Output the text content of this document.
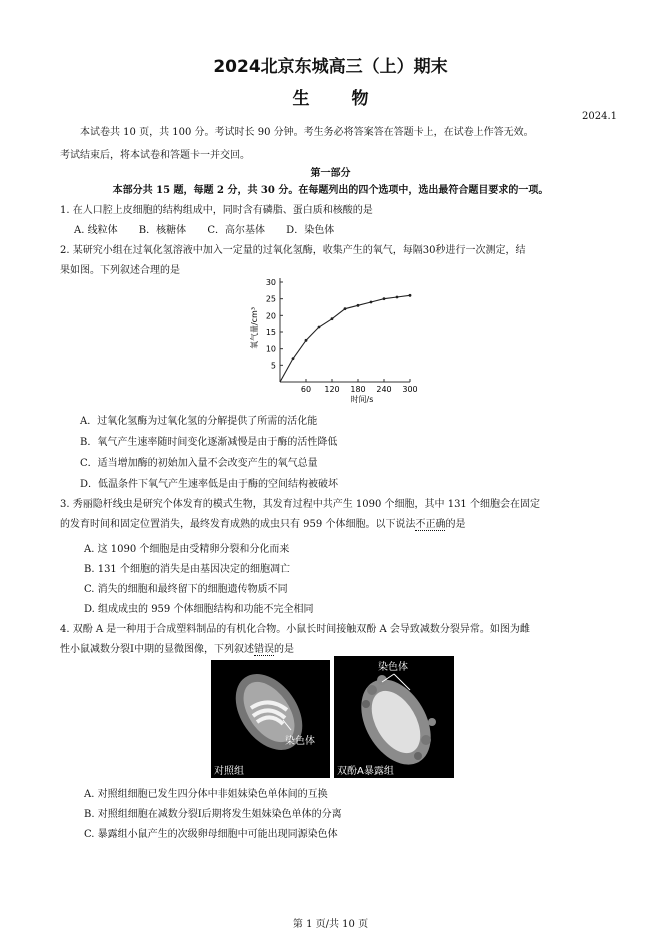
2024北京东城高三（上）期末
生 物
2024.1
本试卷共 10 页，共 100 分。考试时长 90 分钟。考生务必将答案答在答题卡上，在试卷上作答无效。
考试结束后，将本试卷和答题卡一并交回。
第一部分
本部分共 15 题，每题 2 分，共 30 分。在每题列出的四个选项中，选出最符合题目要求的一项。
1. 在人口腔上皮细胞的结构组成中，同时含有磷脂、蛋白质和核酸的是
A. 线粒体 B．核糖体 C．高尔基体 D．染色体
2. 某研究小组在过氧化氢溶液中加入一定量的过氧化氢酶，收集产生的氧气，每隔30秒进行一次测定，结
果如图。下列叙述合理的是
60 120 180 240 300
5
10
15
20
25
30
氧气量/cm³
时间/s
A．过氧化氢酶为过氧化氢的分解提供了所需的活化能
B．氧气产生速率随时间变化逐渐减慢是由于酶的活性降低
C．适当增加酶的初始加入量不会改变产生的氧气总量
D．低温条件下氧气产生速率低是由于酶的空间结构被破坏
3. 秀丽隐杆线虫是研究个体发育的模式生物，其发育过程中共产生 1090 个细胞，其中 131 个细胞会在固定
的发育时间和固定位置消失，最终发育成熟的成虫只有 959 个体细胞。以下说法不正确的是
A. 这 1090 个细胞是由受精卵分裂和分化而来
B. 131 个细胞的消失是由基因决定的细胞凋亡
C. 消失的细胞和最终留下的细胞遗传物质不同
D. 组成成虫的 959 个体细胞结构和功能不完全相同
4. 双酚 A 是一种用于合成塑料制品的有机化合物。小鼠长时间接触双酚 A 会导致减数分裂异常。如图为雌
性小鼠减数分裂Ⅰ中期的显微图像，下列叙述错误的是
染色体
对照组
染色体
双酚A暴露组
A. 对照组细胞已发生四分体中非姐妹染色单体间的互换
B. 对照组细胞在减数分裂Ⅰ后期将发生姐妹染色单体的分离
C. 暴露组小鼠产生的次级卵母细胞中可能出现同源染色体
第 1 页/共 10 页
